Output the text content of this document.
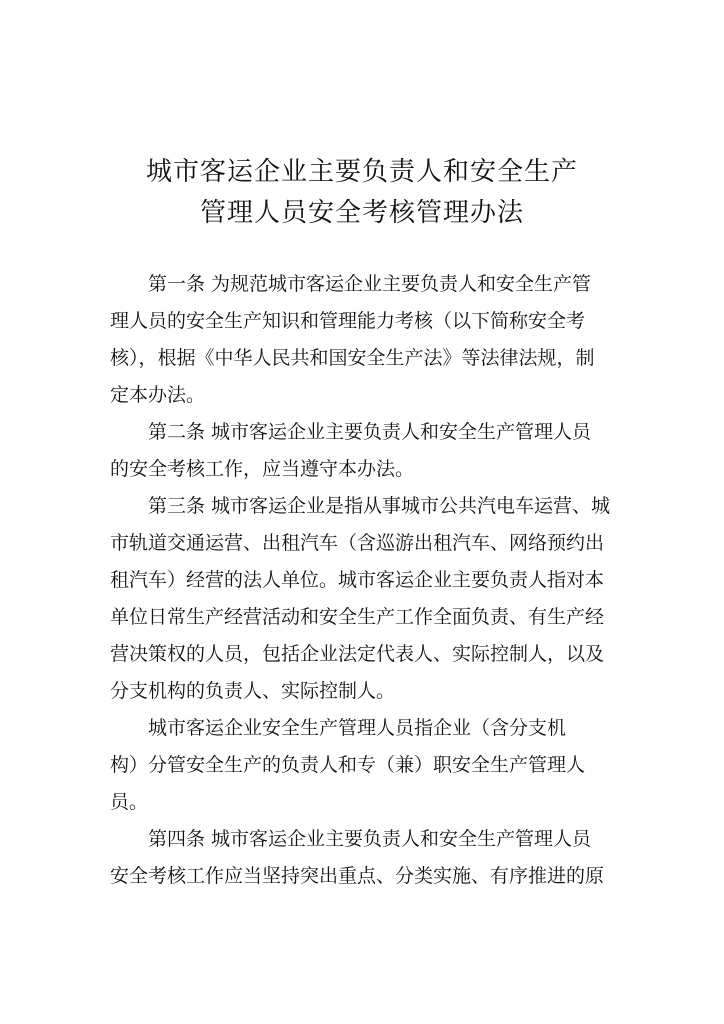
城市客运企业主要负责人和安全生产
管理人员安全考核管理办法
第一条 为规范城市客运企业主要负责人和安全生产管
理人员的安全生产知识和管理能力考核（以下简称安全考
核），根据《中华人民共和国安全生产法》等法律法规，制
定本办法。
第二条 城市客运企业主要负责人和安全生产管理人员
的安全考核工作，应当遵守本办法。
第三条 城市客运企业是指从事城市公共汽电车运营、城
市轨道交通运营、出租汽车（含巡游出租汽车、网络预约出
租汽车）经营的法人单位。城市客运企业主要负责人指对本
单位日常生产经营活动和安全生产工作全面负责、有生产经
营决策权的人员，包括企业法定代表人、实际控制人，以及
分支机构的负责人、实际控制人。
城市客运企业安全生产管理人员指企业（含分支机
构）分管安全生产的负责人和专（兼）职安全生产管理人
员。
第四条 城市客运企业主要负责人和安全生产管理人员
安全考核工作应当坚持突出重点、分类实施、有序推进的原
